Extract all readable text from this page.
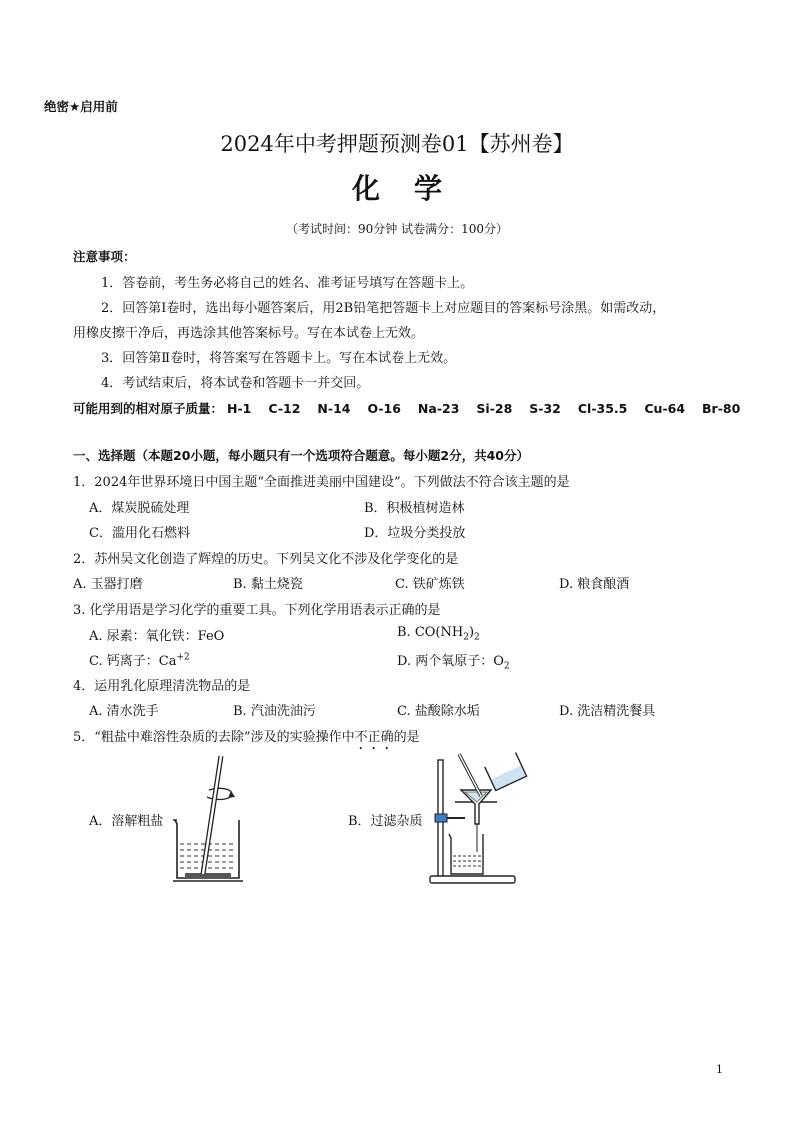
绝密★启用前
2024年中考押题预测卷01【苏州卷】
化学
（考试时间：90分钟 试卷满分：100分）
注意事项：
1．答卷前，考生务必将自己的姓名、准考证号填写在答题卡上。
2．回答第Ⅰ卷时，选出每小题答案后，用2B铅笔把答题卡上对应题目的答案标号涂黑。如需改动，
用橡皮擦干净后，再选涂其他答案标号。写在本试卷上无效。
3．回答第Ⅱ卷时，将答案写在答题卡上。写在本试卷上无效。
4．考试结束后，将本试卷和答题卡一并交回。
可能用到的相对原子质量： H-1 C-12 N-14 O-16 Na-23 Si-28 S-32 Cl-35.5 Cu-64 Br-80
一、选择题（本题20小题，每小题只有一个选项符合题意。每小题2分，共40分）
1．2024年世界环境日中国主题“全面推进美丽中国建设”。下列做法不符合该主题的是
A．煤炭脱硫处理	B．积极植树造林
C．滥用化石燃料	D．垃圾分类投放
2．苏州吴文化创造了辉煌的历史。下列吴文化不涉及化学变化的是
A. 玉器打磨	B. 黏土烧瓷	C. 铁矿炼铁	D. 粮食酿酒
3. 化学用语是学习化学的重要工具。下列化学用语表示正确的是
A. 尿素：氧化铁：FeO	B. $CO(NH_2)_2$
C. 钙离子：$Ca^{+2}$	D. 两个氧原子：$O_2$
4．运用乳化原理清洗物品的是
A. 清水洗手	B. 汽油洗油污	C. 盐酸除水垢	D. 洗洁精洗餐具
5．“粗盐中难溶性杂质的去除”涉及的实验操作中不正确的是
A．溶解粗盐	B．过滤杂质
1
